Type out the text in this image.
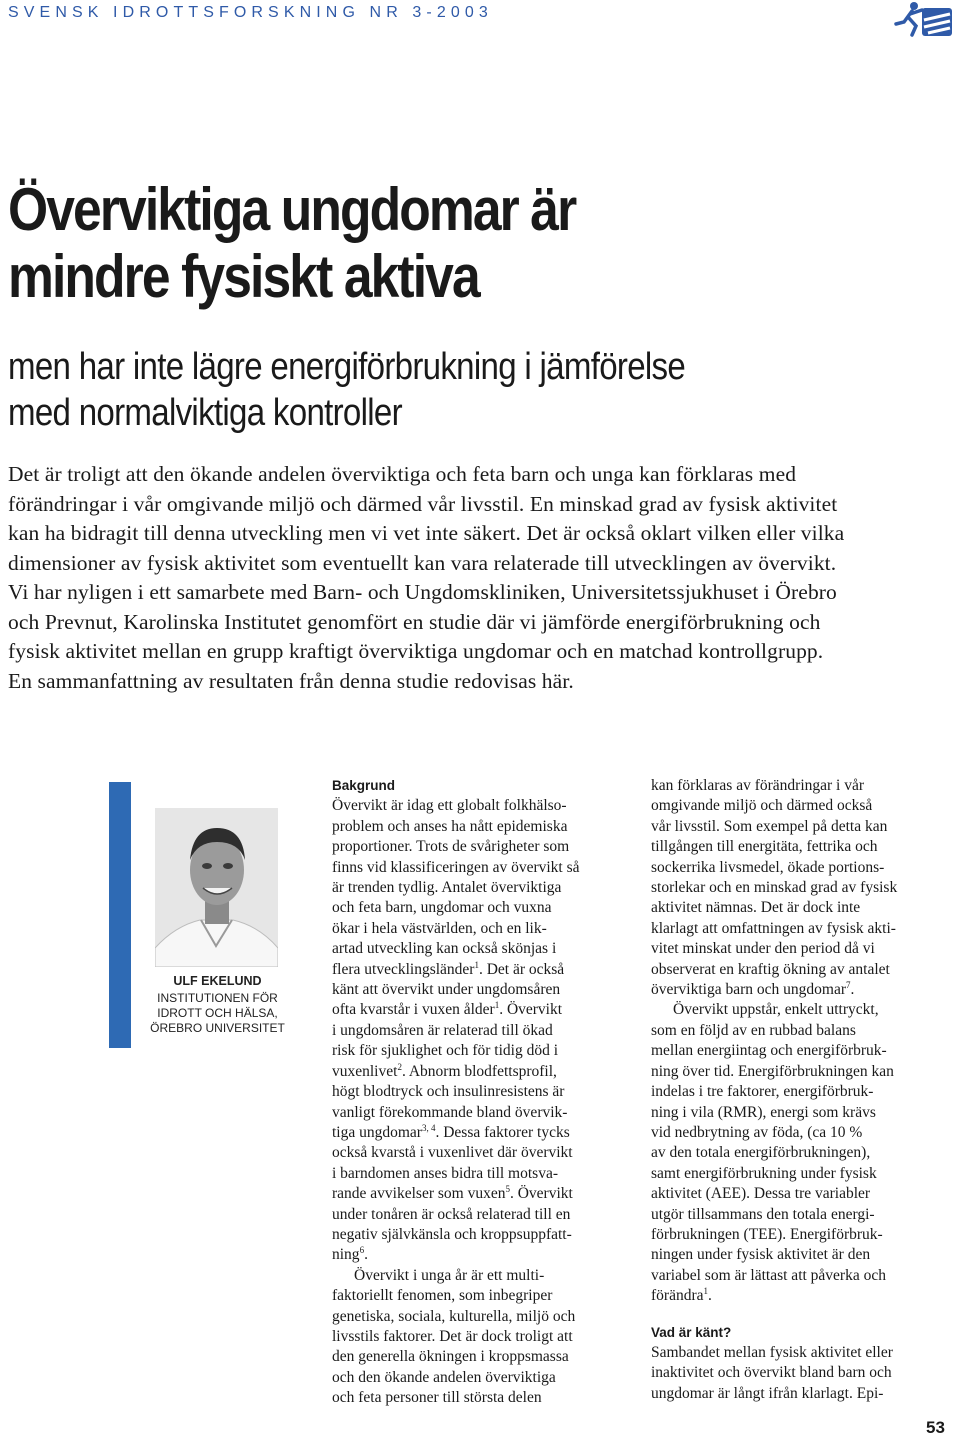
SVENSK IDROTTSFORSKNING NR 3-2003
Överviktiga ungdomar är
mindre fysiskt aktiva
men har inte lägre energiförbrukning i jämförelse
med normalviktiga kontroller
Det är troligt att den ökande andelen överviktiga och feta barn och unga kan förklaras med
förändringar i vår omgivande miljö och därmed vår livsstil. En minskad grad av fysisk aktivitet
kan ha bidragit till denna utveckling men vi vet inte säkert. Det är också oklart vilken eller vilka
dimensioner av fysisk aktivitet som eventuellt kan vara relaterade till utvecklingen av övervikt.
Vi har nyligen i ett samarbete med Barn- och Ungdomskliniken, Universitetssjukhuset i Örebro
och Prevnut, Karolinska Institutet genomfört en studie där vi jämförde energiförbrukning och
fysisk aktivitet mellan en grupp kraftigt överviktiga ungdomar och en matchad kontrollgrupp.
En sammanfattning av resultaten från denna studie redovisas här.
ULF EKELUND
INSTITUTIONEN FÖR
IDROTT OCH HÄLSA,
ÖREBRO UNIVERSITET
Bakgrund
Övervikt är idag ett globalt folkhälso-
problem och anses ha nått epidemiska
proportioner. Trots de svårigheter som
finns vid klassificeringen av övervikt så
är trenden tydlig. Antalet överviktiga
och feta barn, ungdomar och vuxna
ökar i hela västvärlden, och en lik-
artad utveckling kan också skönjas i
flera utvecklingsländer$^1$. Det är också
känt att övervikt under ungdomsåren
ofta kvarstår i vuxen ålder$^1$. Övervikt
i ungdomsåren är relaterad till ökad
risk för sjuklighet och för tidig död i
vuxenlivet$^2$. Abnorm blodfettsprofil,
högt blodtryck och insulinresistens är
vanligt förekommande bland övervik-
tiga ungdomar$^{3, 4}$. Dessa faktorer tycks
också kvarstå i vuxenlivet där övervikt
i barndomen anses bidra till motsva-
rande avvikelser som vuxen$^5$. Övervikt
under tonåren är också relaterad till en
negativ självkänsla och kroppsuppfatt-
ning$^6$.
Övervikt i unga år är ett multi-
faktoriellt fenomen, som inbegriper
genetiska, sociala, kulturella, miljö och
livsstils faktorer. Det är dock troligt att
den generella ökningen i kroppsmassa
och den ökande andelen överviktiga
och feta personer till största delen
kan förklaras av förändringar i vår
omgivande miljö och därmed också
vår livsstil. Som exempel på detta kan
tillgången till energitäta, fettrika och
sockerrika livsmedel, ökade portions-
storlekar och en minskad grad av fysisk
aktivitet nämnas. Det är dock inte
klarlagt att omfattningen av fysisk akti-
vitet minskat under den period då vi
observerat en kraftig ökning av antalet
överviktiga barn och ungdomar$^7$.
Övervikt uppstår, enkelt uttryckt,
som en följd av en rubbad balans
mellan energiintag och energiförbruk-
ning över tid. Energiförbrukningen kan
indelas i tre faktorer, energiförbruk-
ning i vila (RMR), energi som krävs
vid nedbrytning av föda, (ca 10 %
av den totala energiförbrukningen),
samt energiförbrukning under fysisk
aktivitet (AEE). Dessa tre variabler
utgör tillsammans den totala energi-
förbrukningen (TEE). Energiförbruk-
ningen under fysisk aktivitet är den
variabel som är lättast att påverka och
förändra$^1$.
Vad är känt?
Sambandet mellan fysisk aktivitet eller
inaktivitet och övervikt bland barn och
ungdomar är långt ifrån klarlagt. Epi-
53
